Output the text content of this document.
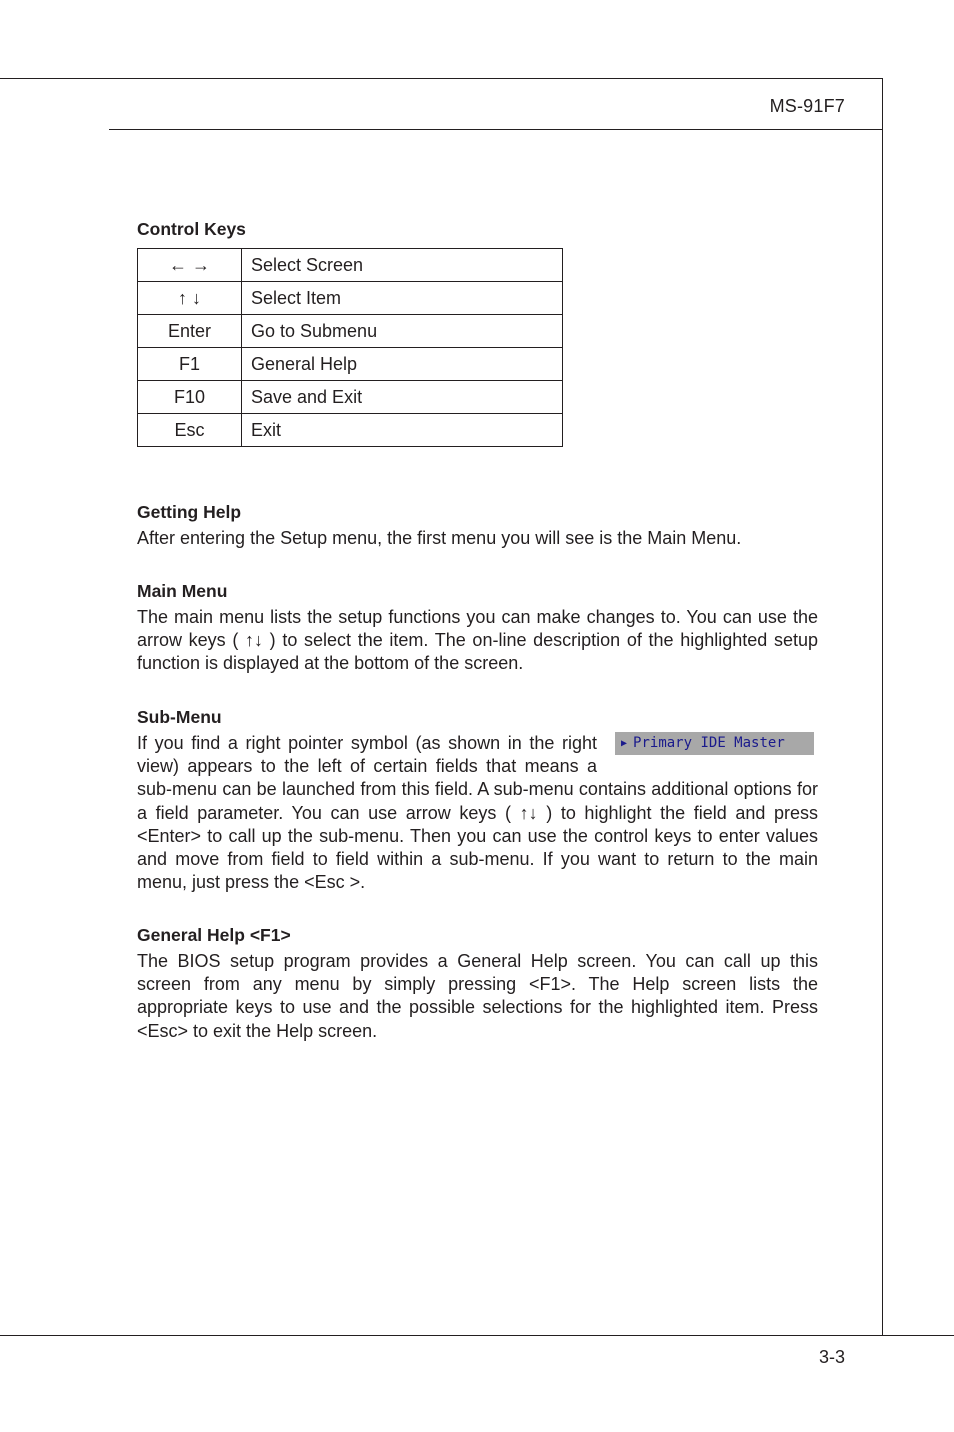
MS-91F7
Control Keys
← →	Select Screen
↑ ↓	Select Item
Enter	Go to Submenu
F1	General Help
F10	Save and Exit
Esc	Exit
Getting Help

After entering the Setup menu, the first menu you will see is the Main Menu.

Main Menu

The main menu lists the setup functions you can make changes to. You can use the arrow keys ( ↑↓ ) to select the item. The on-line description of the highlighted setup function is displayed at the bottom of the screen.

Sub-Menu
▶ Primary IDE Master

If you find a right pointer symbol (as shown in the right view) appears to the left of certain fields that means a sub-menu can be launched from this field. A sub-menu contains additional options for a field parameter. You can use arrow keys ( ↑↓ ) to highlight the field and press <Enter> to call up the sub-menu. Then you can use the control keys to enter values and move from field to field within a sub-menu. If you want to return to the main menu, just press the <Esc >.

General Help <F1>

The BIOS setup program provides a General Help screen. You can call up this screen from any menu by simply pressing <F1>. The Help screen lists the appropriate keys to use and the possible selections for the highlighted item. Press <Esc> to exit the Help screen.

3-3
